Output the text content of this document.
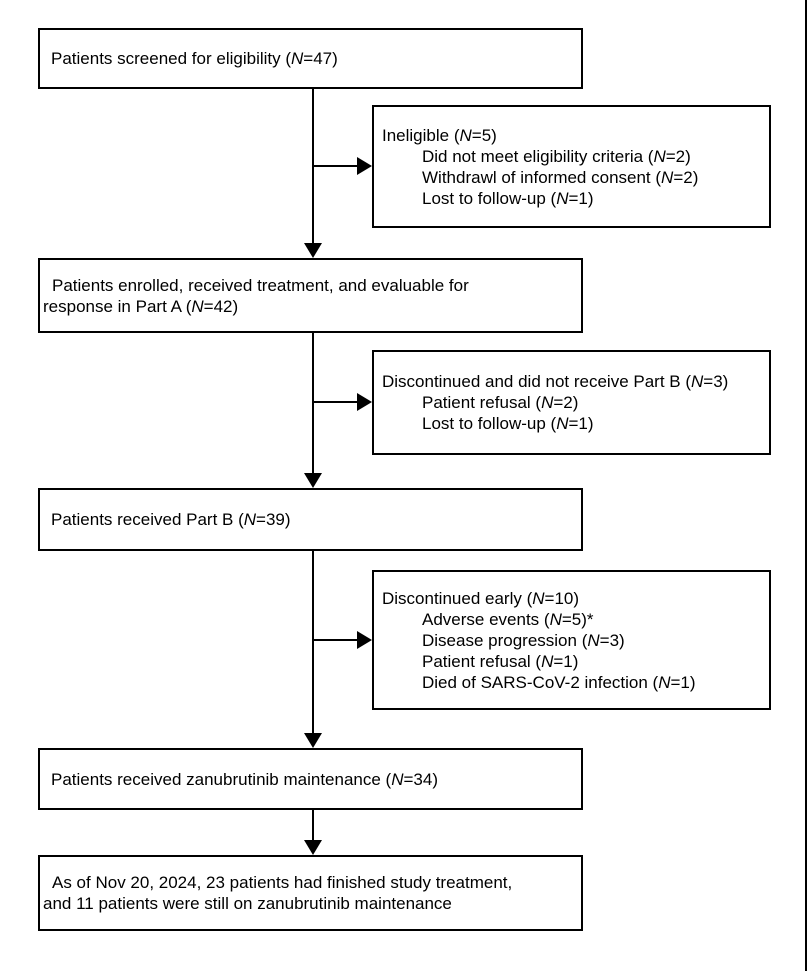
Patients screened for eligibility (N=47)
Ineligible (N=5)
Did not meet eligibility criteria (N=2)
Withdrawl of informed consent (N=2)
Lost to follow-up (N=1)
Patients enrolled, received treatment, and evaluable for
response in Part A (N=42)
Discontinued and did not receive Part B (N=3)
Patient refusal (N=2)
Lost to follow-up (N=1)
Patients received Part B (N=39)
Discontinued early (N=10)
Adverse events (N=5)*
Disease progression (N=3)
Patient refusal (N=1)
Died of SARS-CoV-2 infection (N=1)
Patients received zanubrutinib maintenance (N=34)
As of Nov 20, 2024, 23 patients had finished study treatment,
and 11 patients were still on zanubrutinib maintenance
